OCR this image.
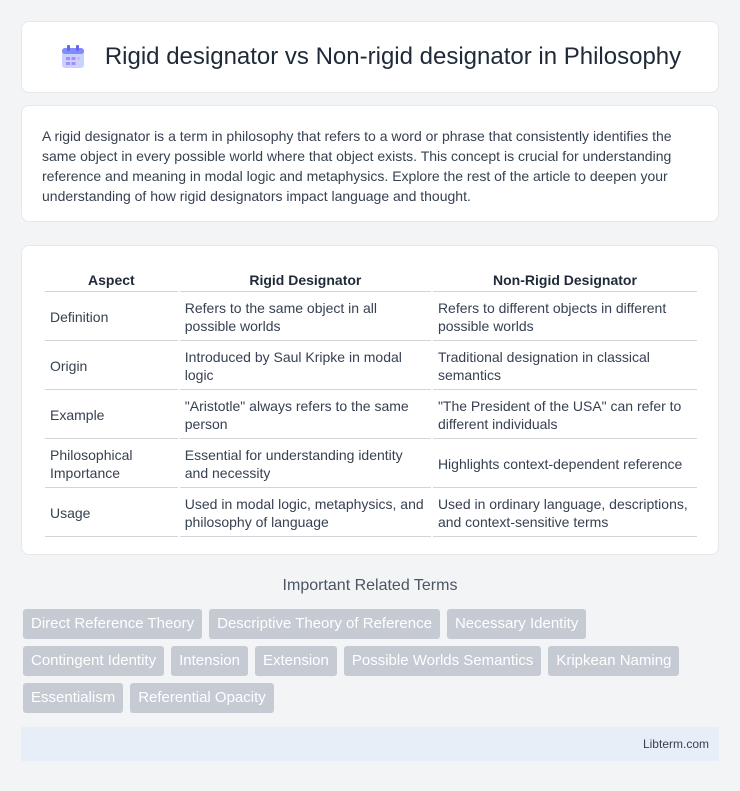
Rigid designator vs Non-rigid designator in Philosophy

A rigid designator is a term in philosophy that refers to a word or phrase that consistently identifies the same object in every possible world where that object exists. This concept is crucial for understanding reference and meaning in modal logic and metaphysics. Explore the rest of the article to deepen your understanding of how rigid designators impact language and thought.

Aspect	Rigid Designator	Non-Rigid Designator
Definition	Refers to the same object in all possible worlds	Refers to different objects in different possible worlds
Origin	Introduced by Saul Kripke in modal logic	Traditional designation in classical semantics
Example	"Aristotle" always refers to the same person	"The President of the USA" can refer to different individuals
Philosophical Importance	Essential for understanding identity and necessity	Highlights context-dependent reference
Usage	Used in modal logic, metaphysics, and philosophy of language	Used in ordinary language, descriptions, and context-sensitive terms
Important Related Terms
Direct Reference Theory	Descriptive Theory of Reference	Necessary Identity
Contingent Identity	Intension	Extension	Possible Worlds Semantics	Kripkean Naming
Essentialism	Referential Opacity
Libterm.com
